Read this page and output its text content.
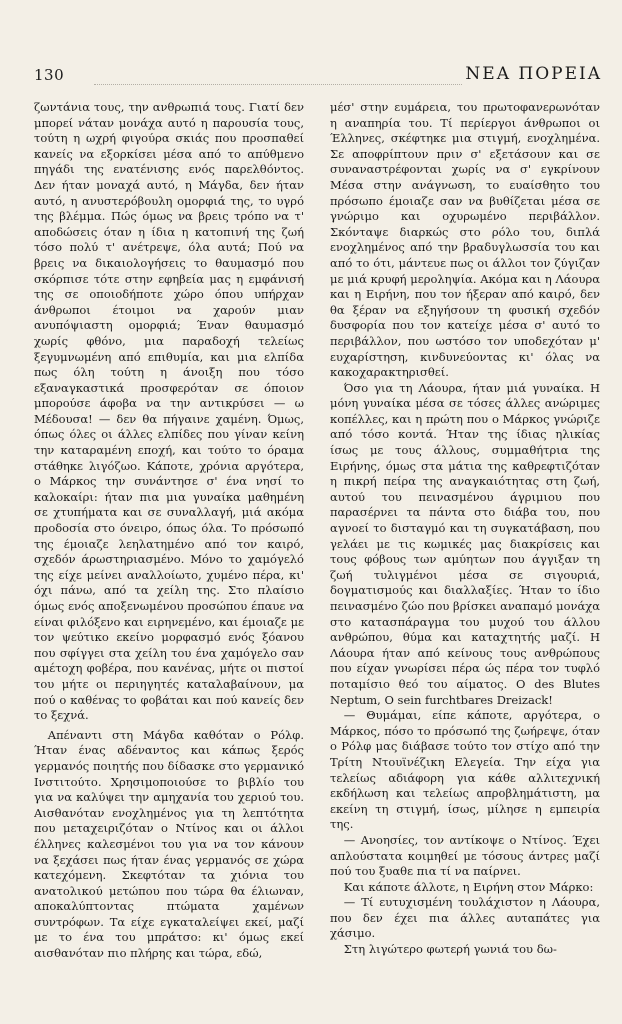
130	ΝΕΑ ΠΟΡΕΙΑ

ζωντάνια τους, την ανθρωπιά τους. Γιατί δεν μπορεί νάταν μονάχα αυτό η παρουσία τους, τούτη η ωχρή φιγούρα σκιάς που προσπαθεί κανείς να εξορκίσει μέσα από το απύθμενο πηγάδι της ενατένισης ενός παρελθόντος. Δεν ήταν μοναχά αυτό, η Μάγδα, δεν ήταν αυτό, η ανυστερόβουλη ομορφιά της, το υγρό της βλέμμα. Πώς όμως να βρεις τρόπο να τ' αποδώσεις όταν η ίδια η κατοπινή της ζωή τόσο πολύ τ' ανέτρεψε, όλα αυτά; Πού να βρεις να δικαιολογήσεις το θαυμασμό που σκόρπισε τότε στην εφηβεία μας η εμφάνισή της σε οποιοδήποτε χώρο όπου υπήρχαν άνθρωποι έτοιμοι να χαρούν μιαν ανυπόψιαστη ομορφιά; Έναν θαυμασμό χωρίς φθόνο, μια παραδοχή τελείως ξεγυμνωμένη από επιθυμία, και μια ελπίδα πως όλη τούτη η άνοιξη που τόσο εξαναγκαστικά προσφερόταν σε όποιον μπορούσε άφοβα να την αντικρύσει — ω Μέδουσα! — δεν θα πήγαινε χαμένη. Όμως, όπως όλες οι άλλες ελπίδες που γίναν κείνη την καταραμένη εποχή, και τούτο το όραμα στάθηκε λιγόζωο. Κάποτε, χρόνια αργότερα, ο Μάρκος την συνάντησε σ' ένα νησί το καλοκαίρι: ήταν πια μια γυναίκα μαθημένη σε χτυπήματα και σε συναλλαγή, μιά ακόμα προδοσία στο όνειρο, όπως όλα. Το πρόσωπό της έμοιαζε λεηλατημένο από τον καιρό, σχεδόν άρωστηριασμένο. Μόνο το χαμόγελό της είχε μείνει αναλλοίωτο, χυμένο πέρα, κι' όχι πάνω, από τα χείλη της. Στο πλαίσιο όμως ενός αποξενωμένου προσώπου έπαυε να είναι φιλόξενο και ειρηνεμένο, και έμοιαζε με τον ψεύτικο εκείνο μορφασμό ενός ξόανου που σφίγγει στα χείλη του ένα χαμόγελο σαν αμέτοχη φοβέρα, που κανένας, μήτε οι πιστοί του μήτε οι περιηγητές καταλαβαίνουν, μα πού ο καθένας το φοβάται και πού κανείς δεν το ξεχνά.

Απέναντι στη Μάγδα καθόταν ο Ρόλφ. Ήταν ένας αδέναντος και κάπως ξερός γερμανός ποιητής που δίδασκε στο γερμανικό Ινστιτούτο. Χρησιμοποιούσε το βιβλίο του για να καλύψει την αμηχανία του χεριού του. Αισθανόταν ενοχλημένος για τη λεπτότητα που μεταχειριζόταν ο Ντίνος και οι άλλοι έλληνες καλεσμένοι του για να τον κάνουν να ξεχάσει πως ήταν ένας γερμανός σε χώρα κατεχόμενη. Σκεφτόταν τα χιόνια του ανατολικού μετώπου που τώρα θα έλιωναν, αποκαλύπτοντας πτώματα χαμένων συντρόφων. Τα είχε εγκαταλείψει εκεί, μαζί με το ένα του μπράτσο: κι' όμως εκεί αισθανόταν πιο πλήρης και τώρα, εδώ,

μέσ' στην ευμάρεια, του πρωτοφανερωνόταν η αναπηρία του. Τί περίεργοι άνθρωποι οι Έλληνες, σκέφτηκε μια στιγμή, ενοχλημένα. Σε αποφρίπτουν πριν σ' εξετάσουν και σε συναναστρέφονται χωρίς να σ' εγκρίνουν Μέσα στην ανάγνωση, το ευαίσθητο του πρόσωπο έμοιαζε σαν να βυθίζεται μέσα σε γνώριμο και οχυρωμένο περιβάλλον. Σκόνταψε διαρκώς στο ρόλο του, διπλά ενοχλημένος από την βραδυγλωσσία του και από το ότι, μάντευε πως οι άλλοι τον ζύγιζαν με μιά κρυφή μεροληψία. Ακόμα και η Λάουρα και η Ειρήνη, που τον ήξεραν από καιρό, δεν θα ξέραν να εξηγήσουν τη φυσική σχεδόν δυσφορία που τον κατείχε μέσα σ' αυτό το περιβάλλον, που ωστόσο τον υποδεχόταν μ' ευχαρίστηση, κινδυνεύοντας κι' όλας να κακοχαρακτηρισθεί.

Όσο για τη Λάουρα, ήταν μιά γυναίκα. Η μόνη γυναίκα μέσα σε τόσες άλλες ανώριμες κοπέλλες, και η πρώτη που ο Μάρκος γνώριζε από τόσο κοντά. Ήταν της ίδιας ηλικίας ίσως με τους άλλους, συμμαθήτρια της Ειρήνης, όμως στα μάτια της καθρεφτιζόταν η πικρή πείρα της αναγκαιότητας στη ζωή, αυτού του πεινασμένου άγριμιου που παρασέρνει τα πάντα στο διάβα του, που αγνοεί το δισταγμό και τη συγκατάβαση, που γελάει με τις κωμικές μας διακρίσεις και τους φόβους των αμύητων που άγγιξαν τη ζωή τυλιγμένοι μέσα σε σιγουριά, δογματισμούς και διαλλαξίες. Ήταν το ίδιο πεινασμένο ζώο που βρίσκει αναπαμό μονάχα στο κατασπάραγμα του μυχού του άλλου ανθρώπου, θύμα και καταχτητής μαζί. Η Λάουρα ήταν από κείνους τους ανθρώπους που είχαν γνωρίσει πέρα ώς πέρα τον τυφλό ποταμίσιο θεό του αίματος. O des Blutes Neptum, O sein furchtbares Dreizack!

— Θυμάμαι, είπε κάποτε, αργότερα, ο Μάρκος, πόσο το πρόσωπό της ζωήρεψε, όταν ο Ρόλφ μας διάβασε τούτο τον στίχο από την Τρίτη Ντουϊνέζικη Ελεγεία. Την είχα για τελείως αδιάφορη για κάθε αλλιτεχνική εκδήλωση και τελείως απροβλημάτιστη, μα εκείνη τη στιγμή, ίσως, μίλησε η εμπειρία της.

— Ανοησίες, τον αντίκοψε ο Ντίνος. Έχει απλούστατα κοιμηθεί με τόσους άντρες μαζί πού του ξυαθε πια τί να παίρνει.

Και κάποτε άλλοτε, η Ειρήνη στον Μάρκο:

— Τί ευτυχισμένη τουλάχιστον η Λάουρα, που δεν έχει πια άλλες αυταπάτες για χάσιμο.

Στη λιγώτερο φωτερή γωνιά του δω-
